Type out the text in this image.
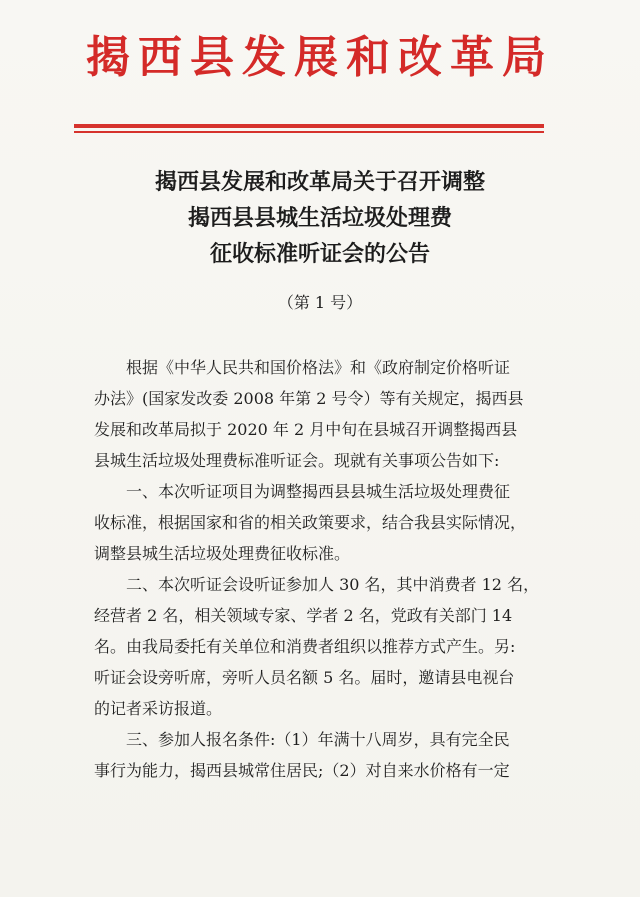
揭西县发展和改革局
揭西县发展和改革局关于召开调整
揭西县县城生活垃圾处理费
征收标准听证会的公告
（第 1 号）
　　根据《中华人民共和国价格法》和《政府制定价格听证
办法》(国家发改委 2008 年第 2 号令）等有关规定，揭西县
发展和改革局拟于 2020 年 2 月中旬在县城召开调整揭西县
县城生活垃圾处理费标准听证会。现就有关事项公告如下:
　　一、本次听证项目为调整揭西县县城生活垃圾处理费征
收标准，根据国家和省的相关政策要求，结合我县实际情况，
调整县城生活垃圾处理费征收标准。
　　二、本次听证会设听证参加人 30 名，其中消费者 12 名，
经营者 2 名，相关领域专家、学者 2 名，党政有关部门 14
名。由我局委托有关单位和消费者组织以推荐方式产生。另:
听证会设旁听席，旁听人员名额 5 名。届时，邀请县电视台
的记者采访报道。
　　三、参加人报名条件:（1）年满十八周岁，具有完全民
事行为能力，揭西县城常住居民;（2）对自来水价格有一定
